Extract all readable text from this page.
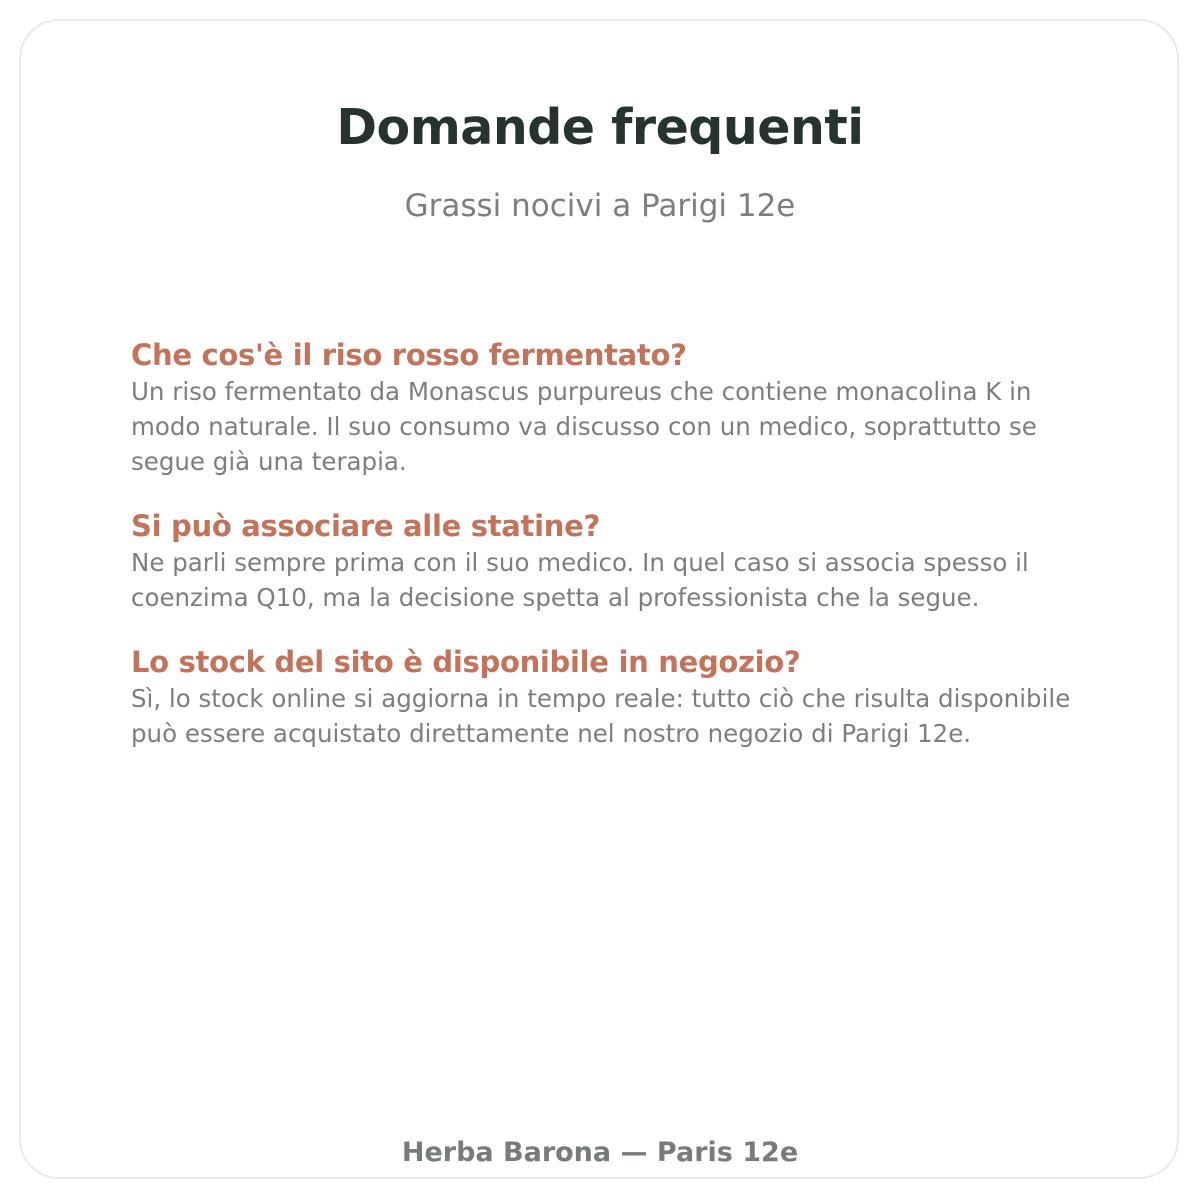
Domande frequenti
Grassi nocivi a Parigi 12e
Che cos'è il riso rosso fermentato?
Un riso fermentato da Monascus purpureus che contiene monacolina K in modo naturale. Il suo consumo va discusso con un medico, soprattutto se segue già una terapia.
Si può associare alle statine?
Ne parli sempre prima con il suo medico. In quel caso si associa spesso il coenzima Q10, ma la decisione spetta al professionista che la segue.
Lo stock del sito è disponibile in negozio?
Sì, lo stock online si aggiorna in tempo reale: tutto ciò che risulta disponibile può essere acquistato direttamente nel nostro negozio di Parigi 12e.
Herba Barona — Paris 12e
